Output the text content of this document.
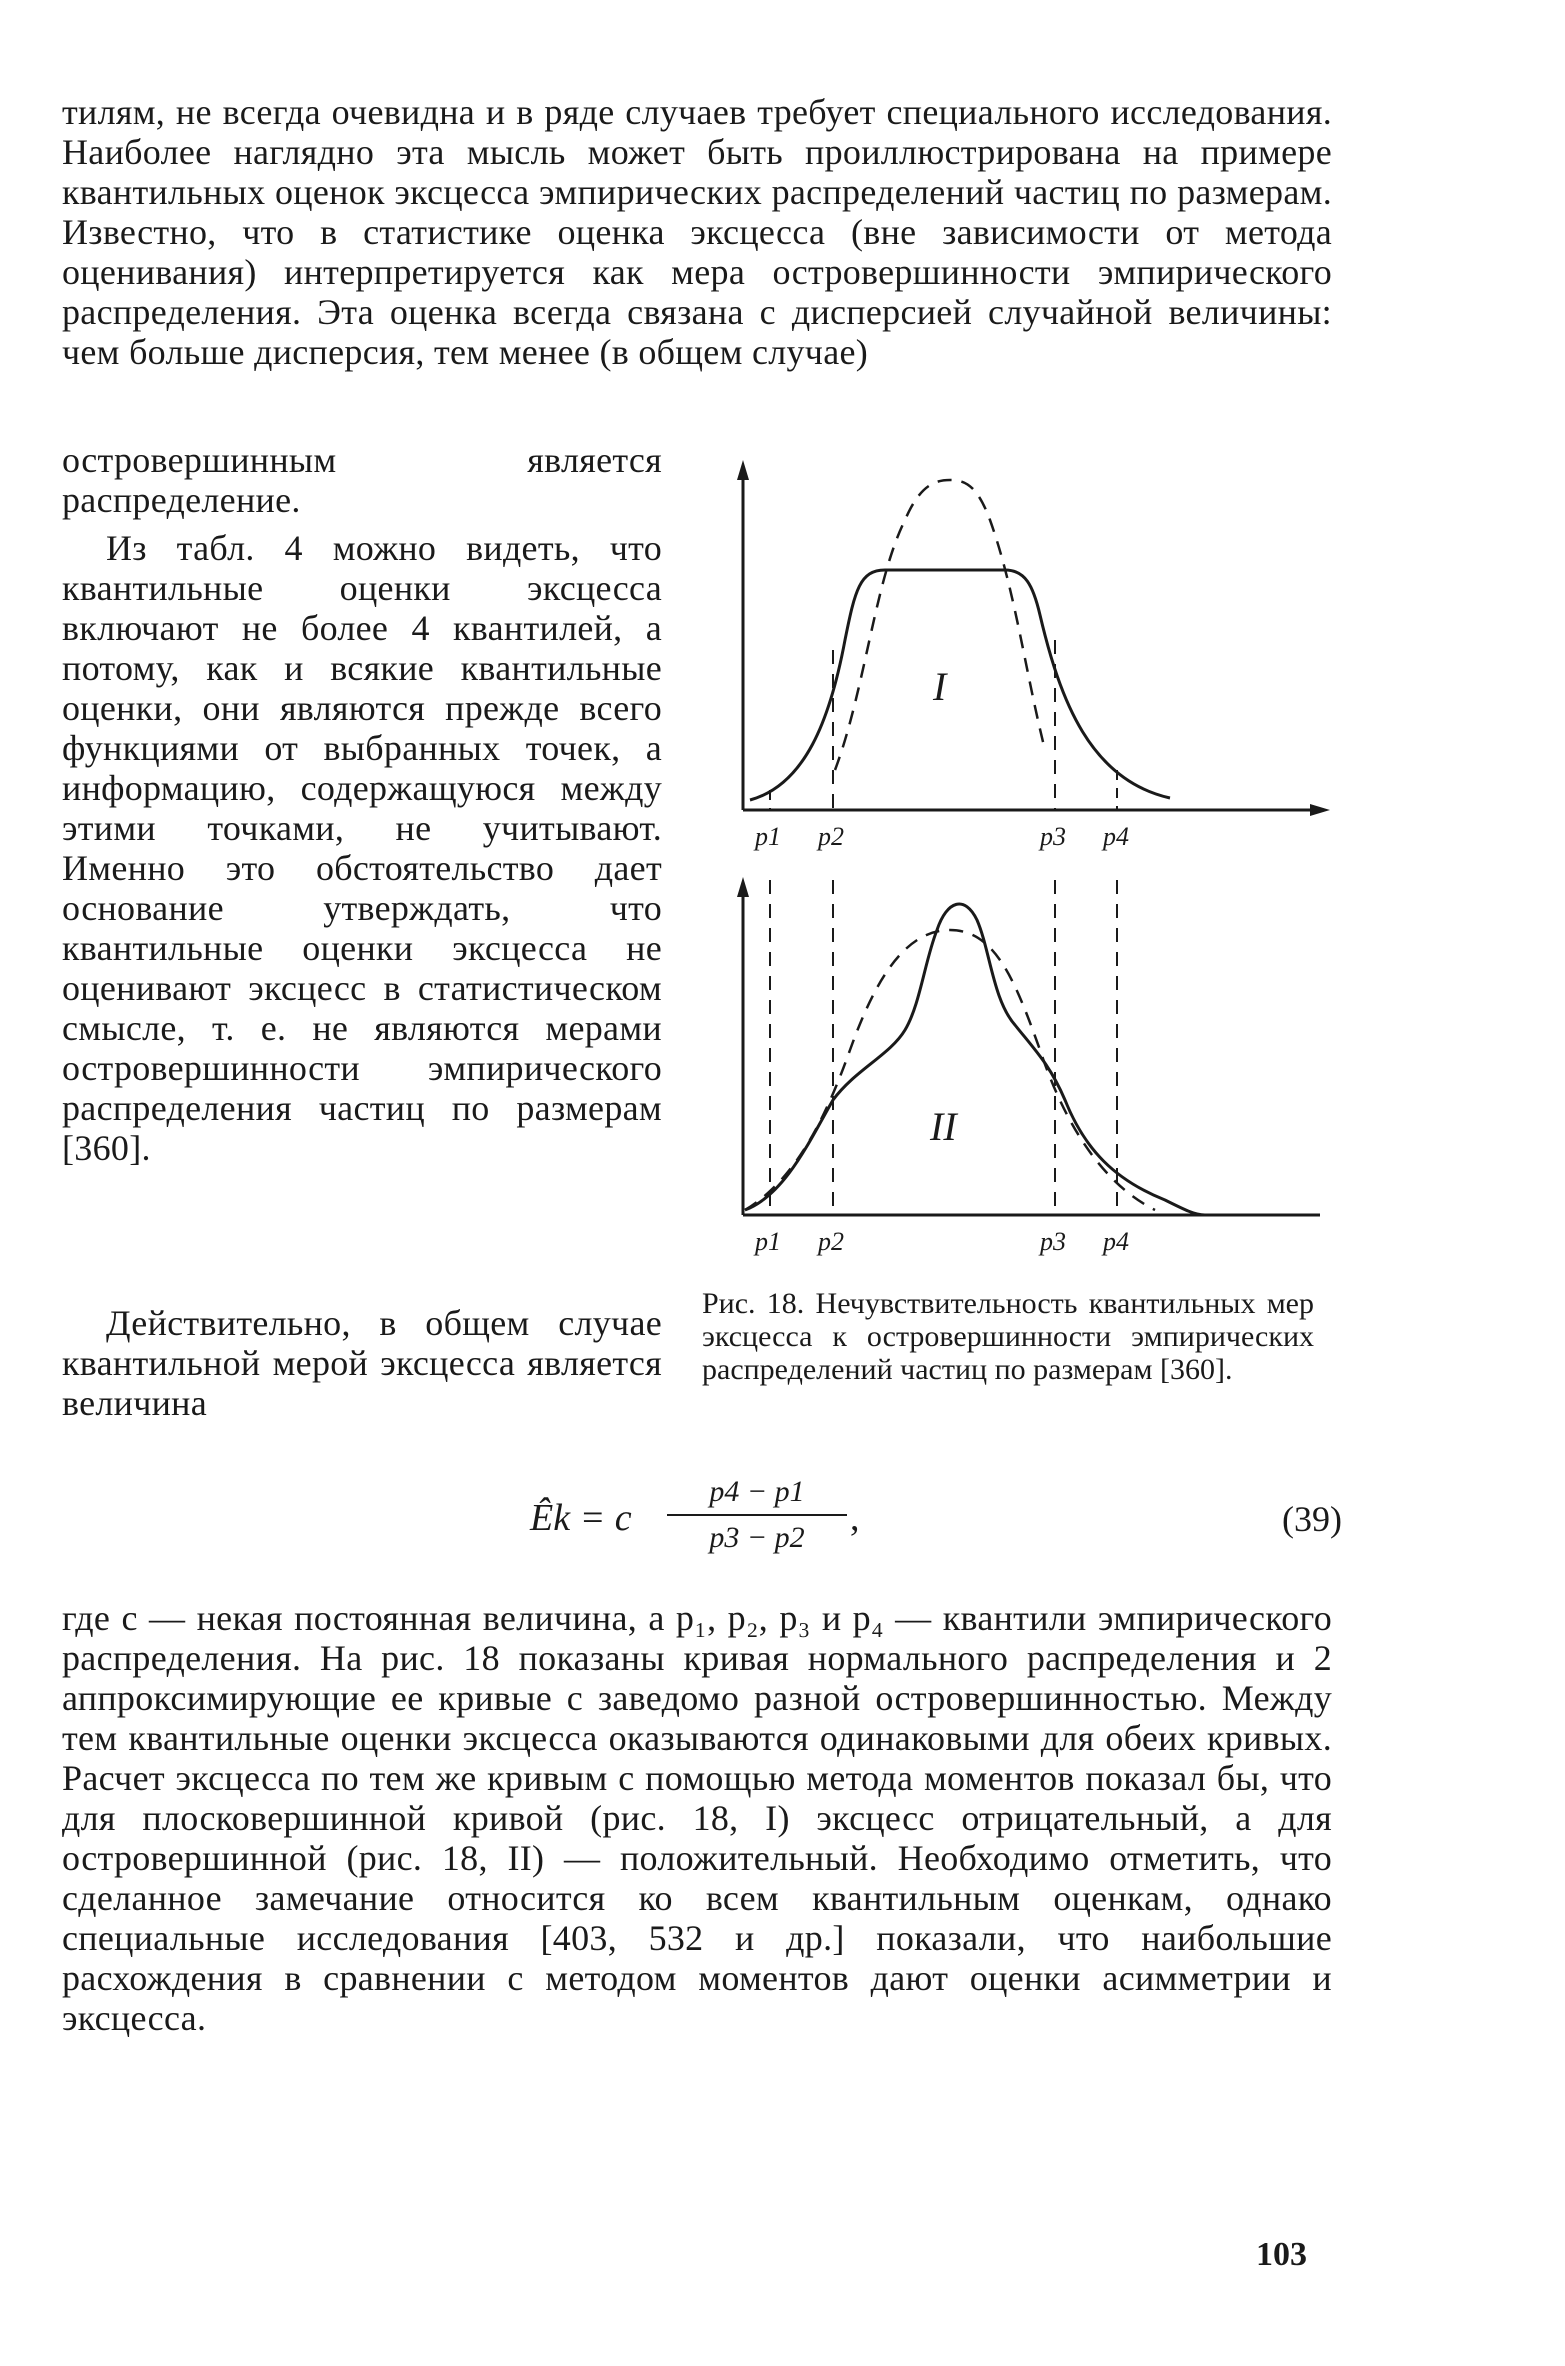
тилям, не всегда очевидна и в ряде случаев требует специального исследования. Наиболее наглядно эта мысль может быть проиллюстрирована на примере квантильных оценок эксцесса эмпирических распределений частиц по размерам. Известно, что в статистике оценка эксцесса (вне зависимости от метода оценивания) интерпретируется как мера островершинности эмпирического распределения. Эта оценка всегда связана с дисперсией случайной величины: чем больше дисперсия, тем менее (в общем случае)

островершинным является распределение.

Из табл. 4 можно видеть, что квантильные оценки эксцесса включают не более 4 квантилей, а потому, как и всякие квантильные оценки, они являются прежде всего функциями от выбранных точек, а информацию, содержащуюся между этими точками, не учитывают. Именно это обстоятельство дает основание утверждать, что квантильные оценки эксцесса не оценивают эксцесс в статистическом смысле, т. е. не являются мерами островершинности эмпирического распределения частиц по размерам [360].

Действительно, в общем случае квантильной мерой эксцесса является величина

I
p1 p2	p3 p4
II
p1 p2	p3 p4

Рис. 18. Нечувствительность квантильных мер эксцесса к островершинности эмпирических распределений частиц по размерам [360].

Êk = c
p4 − p1
p3 − p2	,	(39)

где c — некая постоянная величина, а p₁, p₂, p₃ и p₄ — квантили эмпирического распределения. На рис. 18 показаны кривая нормального распределения и 2 аппроксимирующие ее кривые с заведомо разной островершинностью. Между тем квантильные оценки эксцесса оказываются одинаковыми для обеих кривых. Расчет эксцесса по тем же кривым с помощью метода моментов показал бы, что для плосковершинной кривой (рис. 18, I) эксцесс отрицательный, а для островершинной (рис. 18, II) — положительный. Необходимо отметить, что сделанное замечание относится ко всем квантильным оценкам, однако специальные исследования [403, 532 и др.] показали, что наибольшие расхождения в сравнении с методом моментов дают оценки асимметрии и эксцесса.

103
